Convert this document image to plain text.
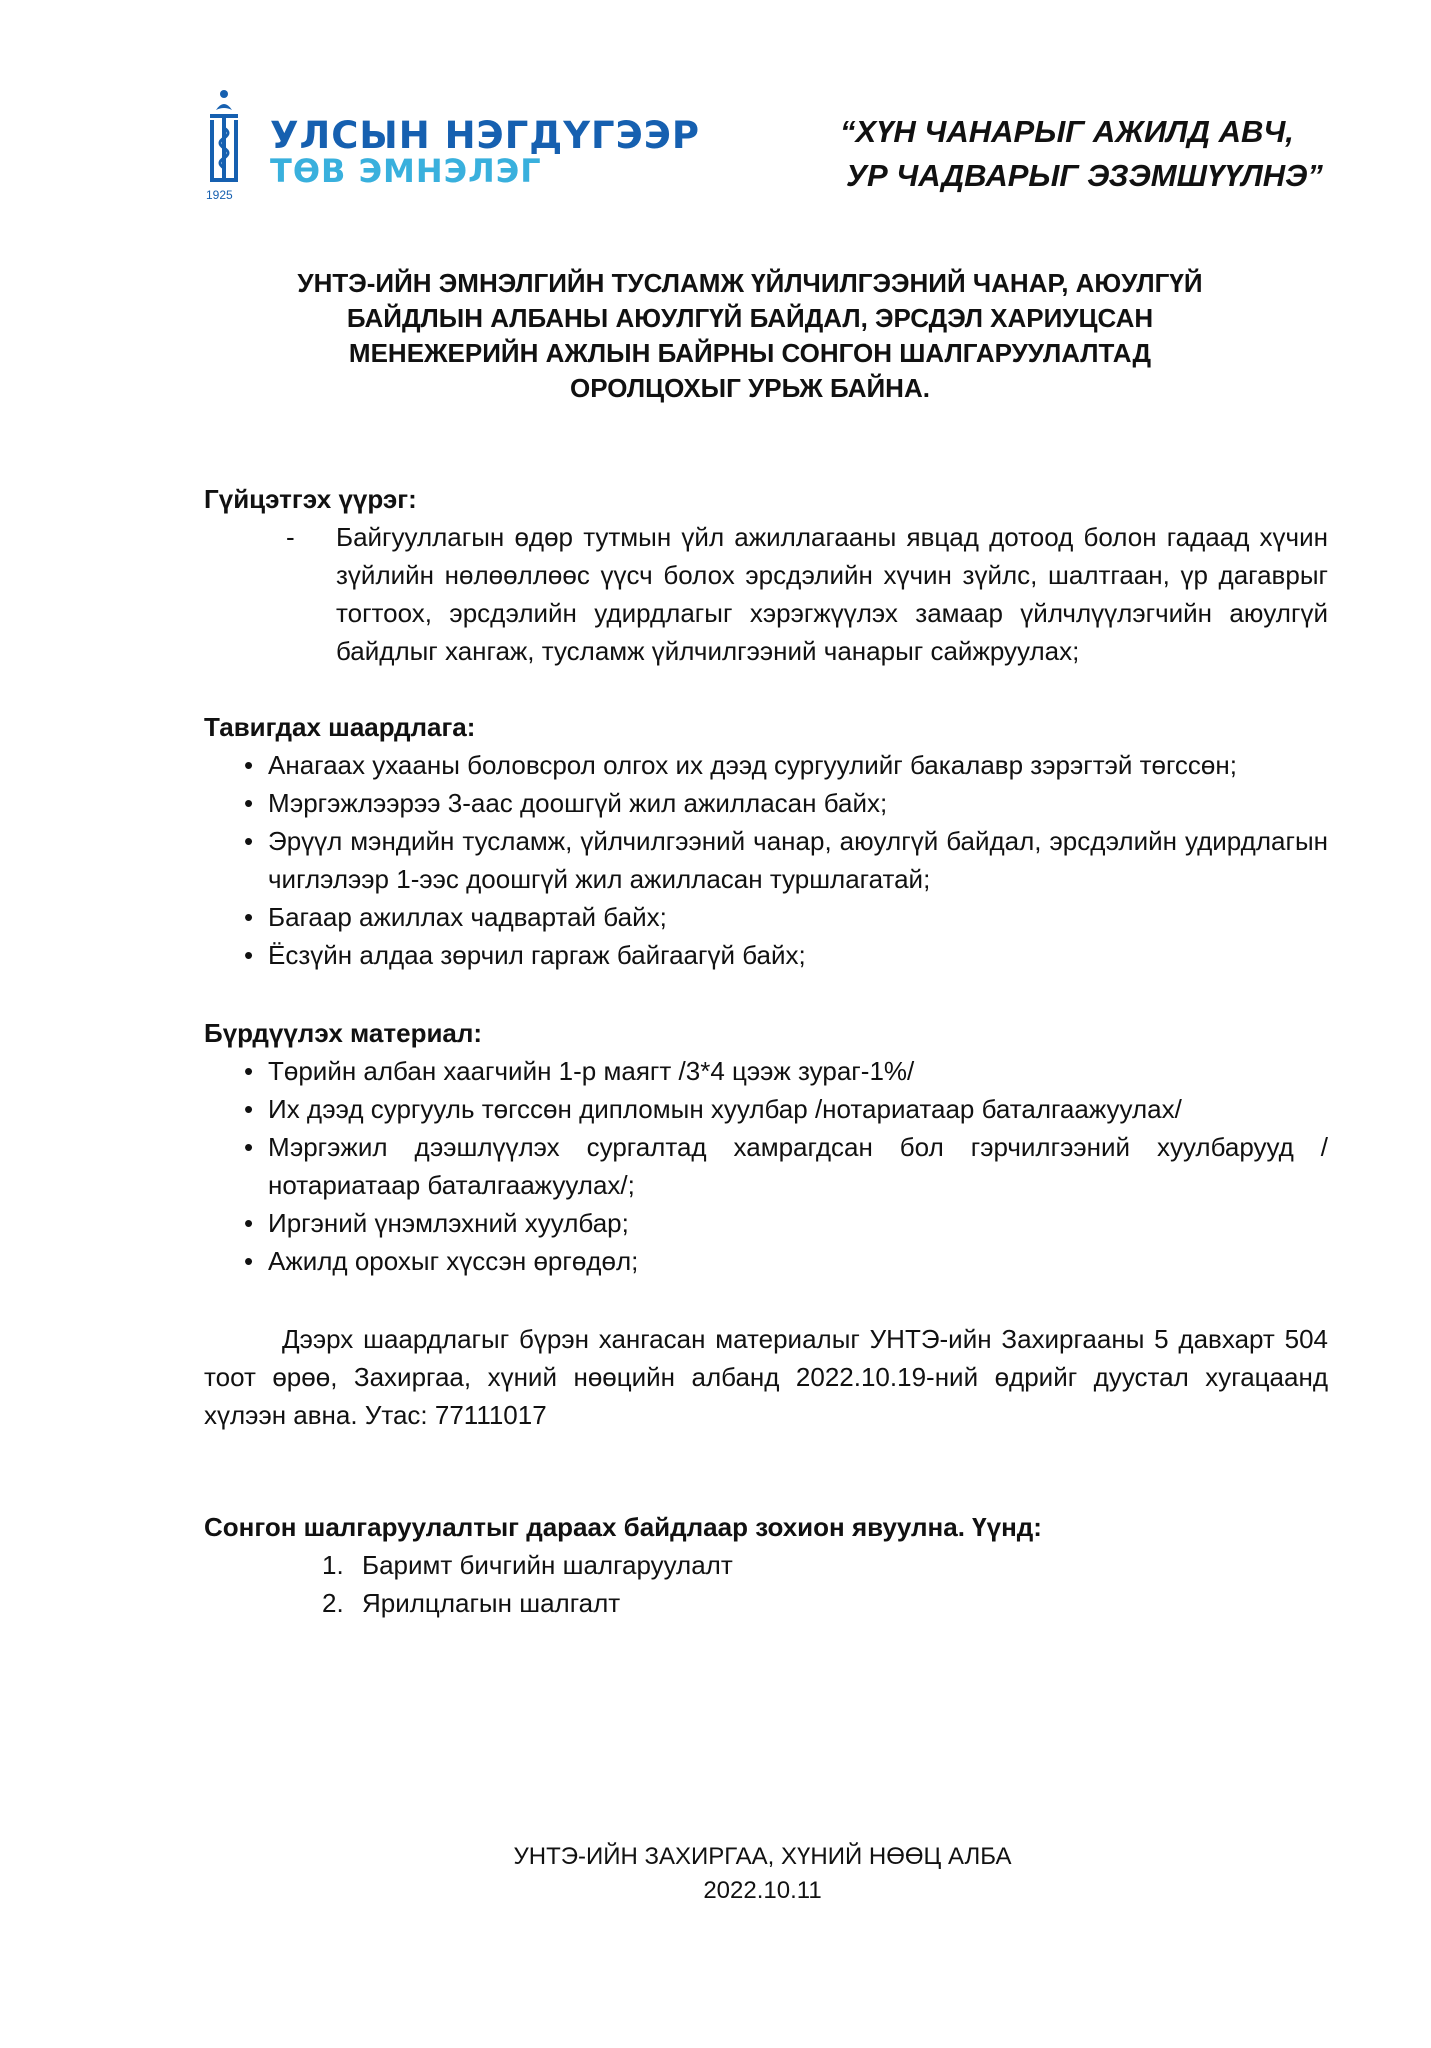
1925
УЛСЫН НЭГДҮГЭЭР
ТӨВ ЭМНЭЛЭГ
“ХҮН ЧАНАРЫГ АЖИЛД АВЧ,
УР ЧАДВАРЫГ ЭЗЭМШҮҮЛНЭ”
УНТЭ-ИЙН ЭМНЭЛГИЙН ТУСЛАМЖ ҮЙЛЧИЛГЭЭНИЙ ЧАНАР, АЮУЛГҮЙ
БАЙДЛЫН АЛБАНЫ АЮУЛГҮЙ БАЙДАЛ, ЭРСДЭЛ ХАРИУЦСАН
МЕНЕЖЕРИЙН АЖЛЫН БАЙРНЫ СОНГОН ШАЛГАРУУЛАЛТАД
ОРОЛЦОХЫГ УРЬЖ БАЙНА.

Гүйцэтгэх үүрэг:

-	Байгууллагын өдөр тутмын үйл ажиллагааны явцад дотоод болон гадаад хүчин зүйлийн нөлөөллөөс үүсч болох эрсдэлийн хүчин зүйлс, шалтгаан, үр дагаврыг тогтоох, эрсдэлийн удирдлагыг хэрэгжүүлэх замаар үйлчлүүлэгчийн аюулгүй байдлыг хангаж, тусламж үйлчилгээний чанарыг сайжруулах;

Тавигдах шаардлага:

• Анагаах ухааны боловсрол олгох их дээд сургуулийг бакалавр зэрэгтэй төгссөн;
• Мэргэжлээрээ 3-аас доошгүй жил ажилласан байх;
• Эрүүл мэндийн тусламж, үйлчилгээний чанар, аюулгүй байдал, эрсдэлийн удирдлагын чиглэлээр 1-ээс доошгүй жил ажилласан туршлагатай;
• Багаар ажиллах чадвартай байх;
• Ёсзүйн алдаа зөрчил гаргаж байгаагүй байх;

Бүрдүүлэх материал:

• Төрийн албан хаагчийн 1-р маягт /3*4 цээж зураг-1%/
• Их дээд сургууль төгссөн дипломын хуулбар /нотариатаар баталгаажуулах/
• Мэргэжил дээшлүүлэх сургалтад хамрагдсан бол гэрчилгээний хуулбарууд /нотариатаар баталгаажуулах/;
• Иргэний үнэмлэхний хуулбар;
• Ажилд орохыг хүссэн өргөдөл;

Дээрх шаардлагыг бүрэн хангасан материалыг УНТЭ-ийн Захиргааны 5 давхарт 504 тоот өрөө, Захиргаа, хүний нөөцийн албанд 2022.10.19-ний өдрийг дуустал хугацаанд хүлээн авна. Утас: 77111017

Сонгон шалгаруулалтыг дараах байдлаар зохион явуулна. Үүнд:

1. Баримт бичгийн шалгаруулалт
2. Ярилцлагын шалгалт
УНТЭ-ИЙН ЗАХИРГАА, ХҮНИЙ НӨӨЦ АЛБА
2022.10.11
